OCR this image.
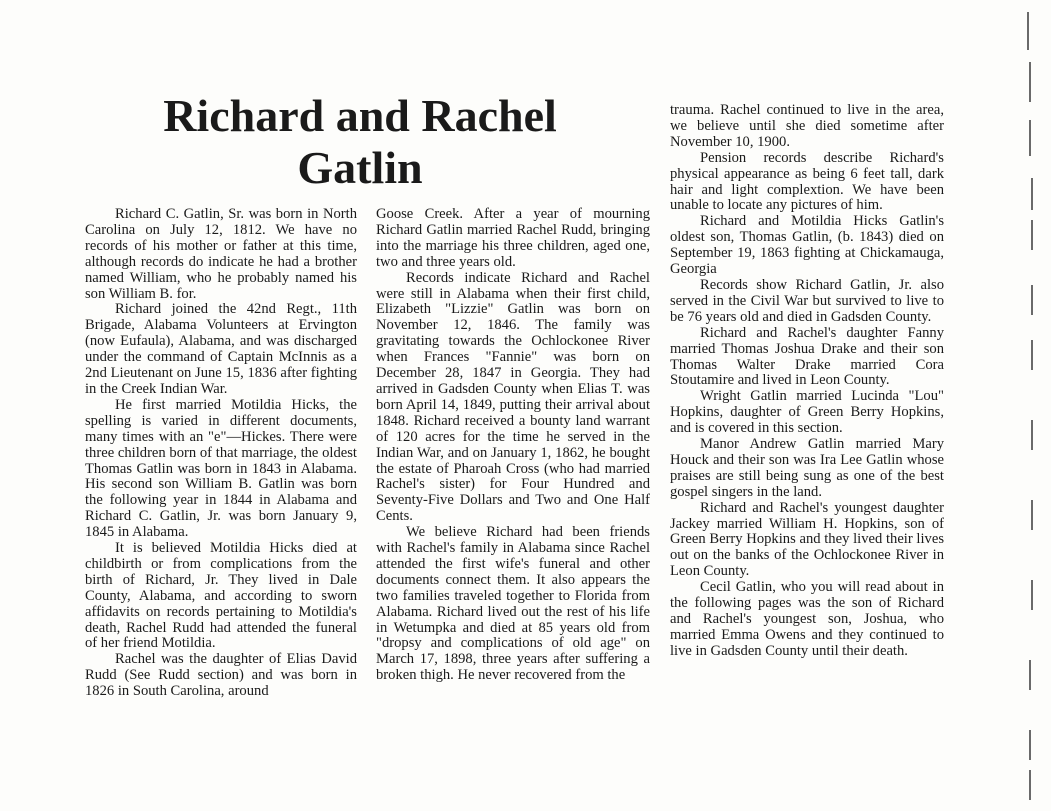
Richard and Rachel Gatlin

Richard C. Gatlin, Sr. was born in North Carolina on July 12, 1812. We have no records of his mother or father at this time, although records do indicate he had a brother named William, who he probably named his son William B. for.

Richard joined the 42nd Regt., 11th Brigade, Alabama Volunteers at Ervington (now Eufaula), Alabama, and was discharged under the command of Captain McInnis as a 2nd Lieutenant on June 15, 1836 after fighting in the Creek Indian War.

He first married Motildia Hicks, the spelling is varied in different documents, many times with an "e"—Hickes. There were three children born of that marriage, the oldest Thomas Gatlin was born in 1843 in Alabama. His second son William B. Gatlin was born the following year in 1844 in Alabama and Richard C. Gatlin, Jr. was born January 9, 1845 in Alabama.

It is believed Motildia Hicks died at childbirth or from complications from the birth of Richard, Jr. They lived in Dale County, Alabama, and according to sworn affidavits on records pertaining to Motildia's death, Rachel Rudd had attended the funeral of her friend Motildia.

Rachel was the daughter of Elias David Rudd (See Rudd section) and was born in 1826 in South Carolina, around

Goose Creek. After a year of mourning Richard Gatlin married Rachel Rudd, bringing into the marriage his three children, aged one, two and three years old.

Records indicate Richard and Rachel were still in Alabama when their first child, Elizabeth "Lizzie" Gatlin was born on November 12, 1846. The family was gravitating towards the Ochlockonee River when Frances "Fannie" was born on December 28, 1847 in Georgia. They had arrived in Gadsden County when Elias T. was born April 14, 1849, putting their arrival about 1848. Richard received a bounty land warrant of 120 acres for the time he served in the Indian War, and on January 1, 1862, he bought the estate of Pharoah Cross (who had married Rachel's sister) for Four Hundred and Seventy-Five Dollars and Two and One Half Cents.

We believe Richard had been friends with Rachel's family in Alabama since Rachel attended the first wife's funeral and other documents connect them. It also appears the two families traveled together to Florida from Alabama. Richard lived out the rest of his life in Wetumpka and died at 85 years old from "dropsy and complications of old age" on March 17, 1898, three years after suffering a broken thigh. He never recovered from the

trauma. Rachel continued to live in the area, we believe until she died sometime after November 10, 1900.

Pension records describe Richard's physical appearance as being 6 feet tall, dark hair and light complextion. We have been unable to locate any pictures of him.

Richard and Motildia Hicks Gatlin's oldest son, Thomas Gatlin, (b. 1843) died on September 19, 1863 fighting at Chickamauga, Georgia

Records show Richard Gatlin, Jr. also served in the Civil War but survived to live to be 76 years old and died in Gadsden County.

Richard and Rachel's daughter Fanny married Thomas Joshua Drake and their son Thomas Walter Drake married Cora Stoutamire and lived in Leon County.

Wright Gatlin married Lucinda "Lou" Hopkins, daughter of Green Berry Hopkins, and is covered in this section.

Manor Andrew Gatlin married Mary Houck and their son was Ira Lee Gatlin whose praises are still being sung as one of the best gospel singers in the land.

Richard and Rachel's youngest daughter Jackey married William H. Hopkins, son of Green Berry Hopkins and they lived their lives out on the banks of the Ochlockonee River in Leon County.

Cecil Gatlin, who you will read about in the following pages was the son of Richard and Rachel's youngest son, Joshua, who married Emma Owens and they continued to live in Gadsden County until their death.
